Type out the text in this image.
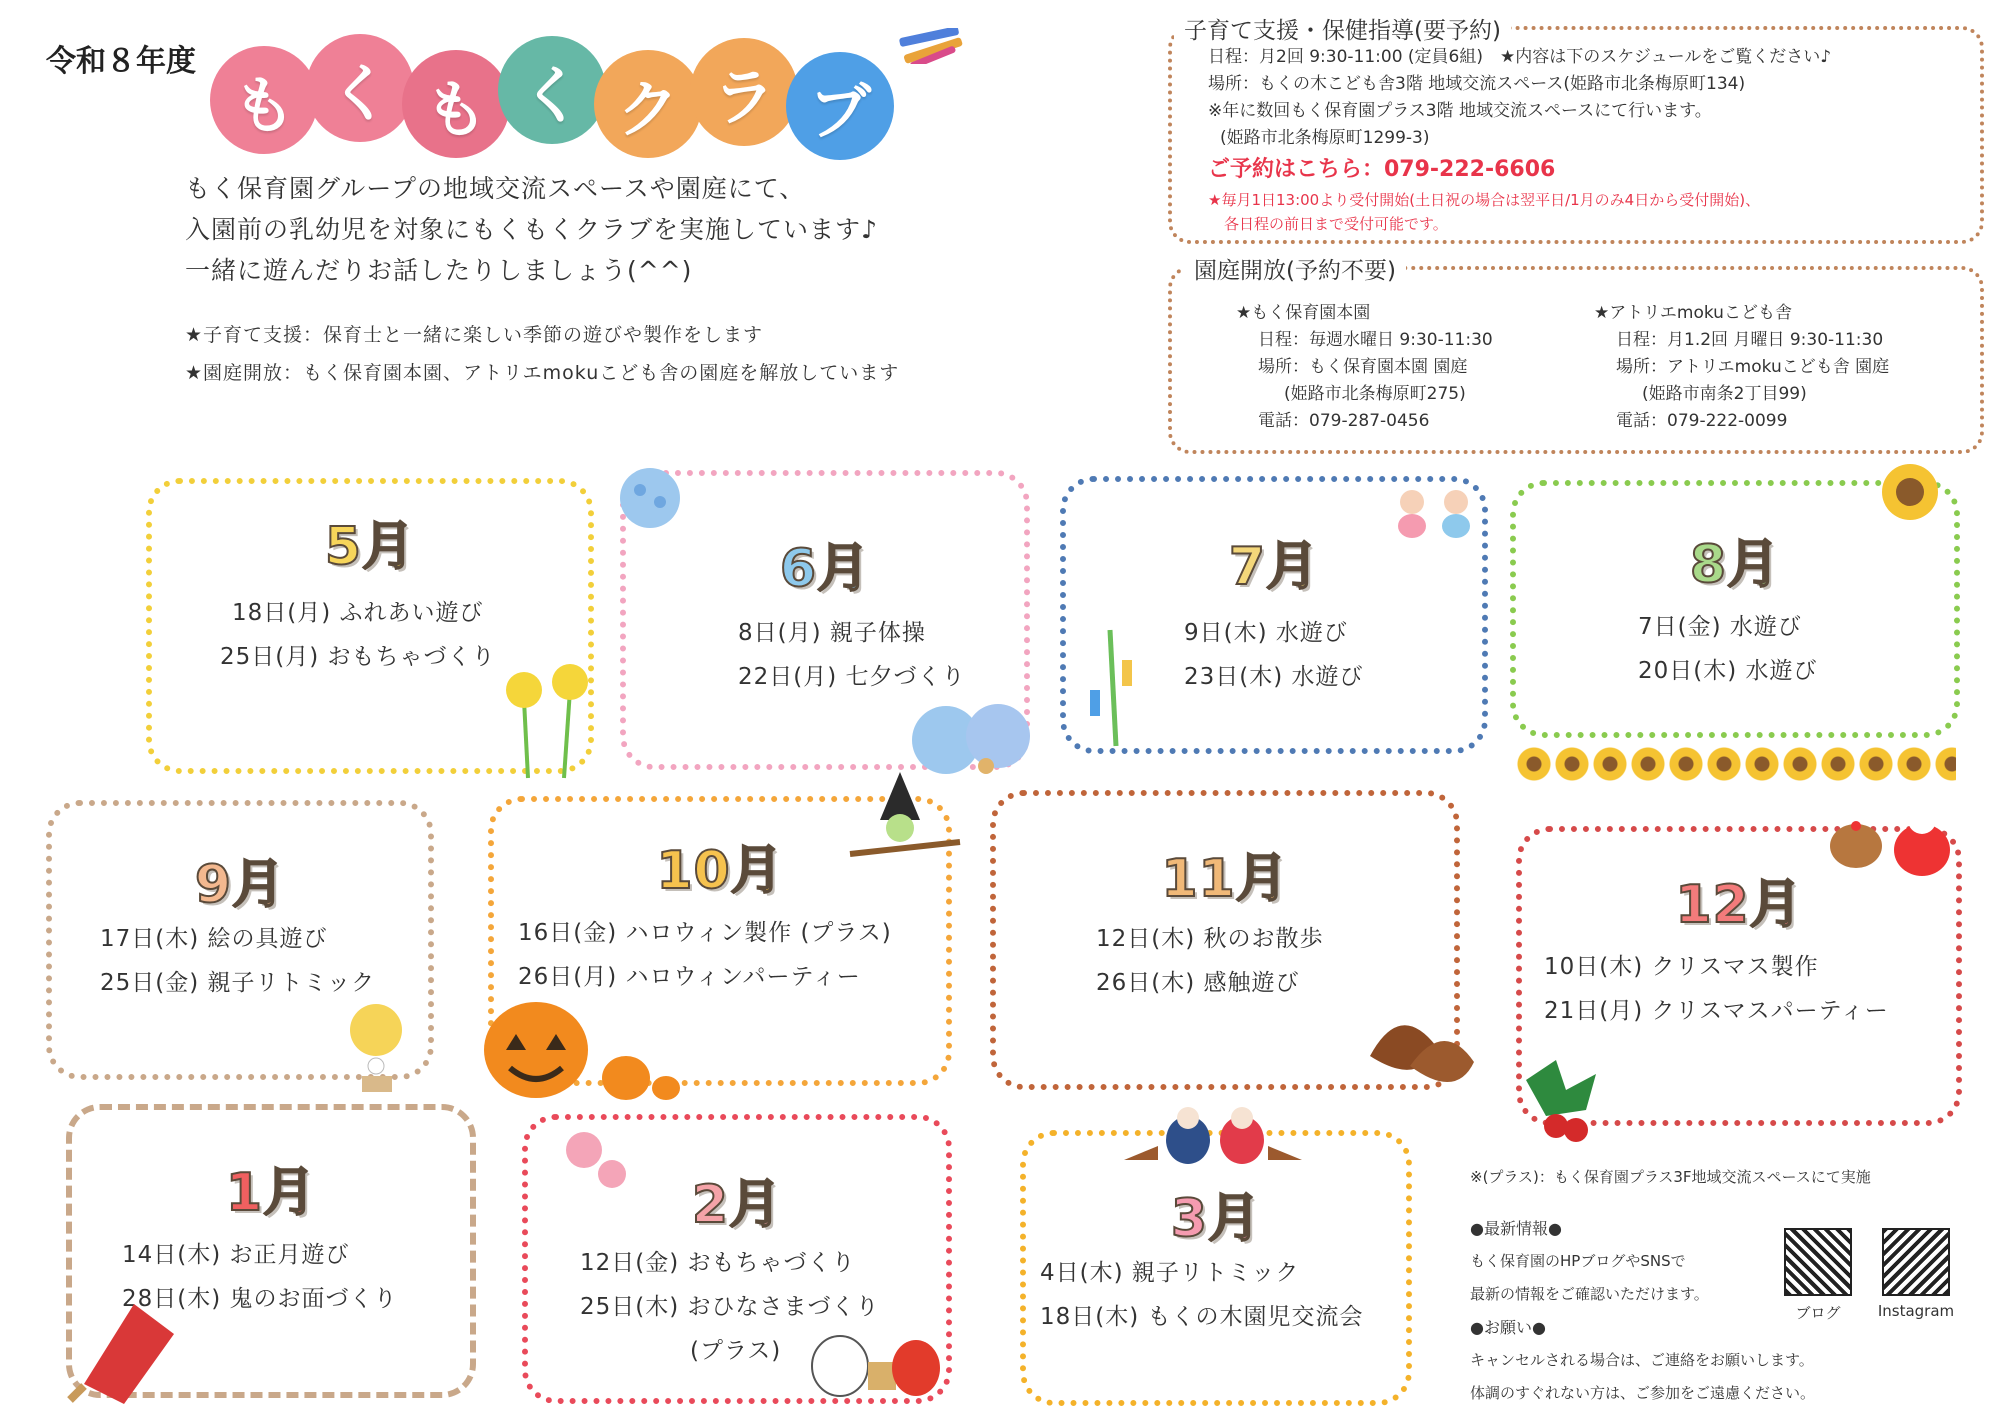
令和８年度
も く も く ク ラ ブ
もく保育園グループの地域交流スペースや園庭にて、
入園前の乳幼児を対象にもくもくクラブを実施しています♪
一緒に遊んだりお話したりしましょう(^^)
★子育て支援：保育士と一緒に楽しい季節の遊びや製作をします
★園庭開放：もく保育園本園、アトリエmokuこども舎の園庭を解放しています
子育て支援・保健指導(要予約)
日程：月2回 9:30-11:00 (定員6組)　★内容は下のスケジュールをご覧ください♪
場所：もくの木こども舎3階 地域交流スペース(姫路市北条梅原町134)
※年に数回もく保育園プラス3階 地域交流スペースにて行います。
(姫路市北条梅原町1299-3)
ご予約はこちら：079-222-6606
★毎月1日13:00より受付開始(土日祝の場合は翌平日/1月のみ4日から受付開始)、
各日程の前日まで受付可能です。
園庭開放(予約不要)
★もく保育園本園
日程：毎週水曜日 9:30-11:30
場所：もく保育園本園 園庭
(姫路市北条梅原町275)
電話：079-287-0456
★アトリエmokuこども舎
日程：月1.2回 月曜日 9:30-11:30
場所：アトリエmokuこども舎 園庭
(姫路市南条2丁目99)
電話：079-222-0099
5月
18日(月) ふれあい遊び
25日(月) おもちゃづくり
6月
8日(月) 親子体操
22日(月) 七夕づくり
7月
9日(木) 水遊び
23日(木) 水遊び
8月
7日(金) 水遊び
20日(木) 水遊び
9月
17日(木) 絵の具遊び
25日(金) 親子リトミック
10月
16日(金) ハロウィン製作 (プラス)
26日(月) ハロウィンパーティー
11月
12日(木) 秋のお散歩
26日(木) 感触遊び
12月
10日(木) クリスマス製作
21日(月) クリスマスパーティー
1月
14日(木) お正月遊び
28日(木) 鬼のお面づくり
2月
12日(金) おもちゃづくり
25日(木) おひなさまづくり
(プラス)
3月
4日(木) 親子リトミック
18日(木) もくの木園児交流会
※(プラス)：もく保育園プラス3F地域交流スペースにて実施
●最新情報●
もく保育園のHPブログやSNSで
最新の情報をご確認いただけます。
●お願い●
キャンセルされる場合は、ご連絡をお願いします。
体調のすぐれない方は、ご参加をご遠慮ください。
ブログ	Instagram
